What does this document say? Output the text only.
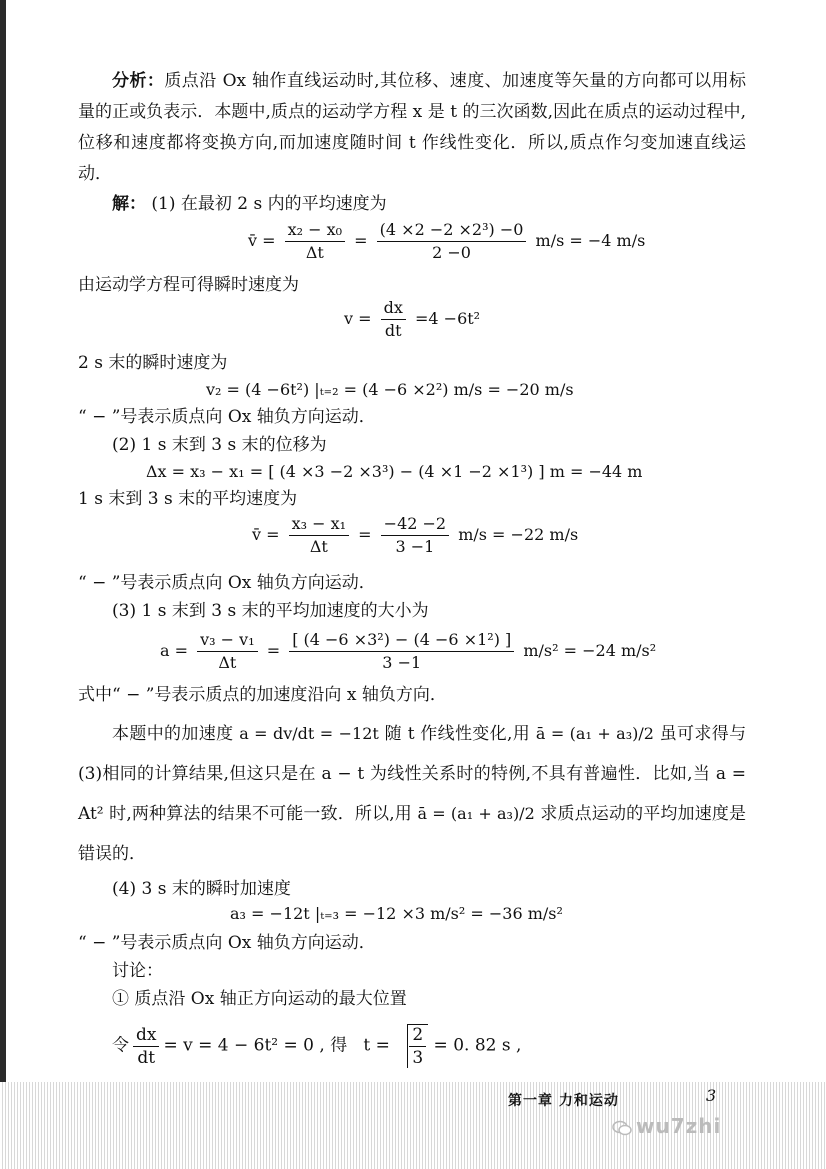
分析：质点沿 Ox 轴作直线运动时,其位移、速度、加速度等矢量的方向都可以用标量的正或负表示．本题中,质点的运动学方程 x 是 t 的三次函数,因此在质点的运动过程中,位移和速度都将变换方向,而加速度随时间 t 作线性变化．所以,质点作匀变加速直线运动．
解： (1) 在最初 2 s 内的平均速度为
v̄ = $\frac{\text{x₂ − x₀}}{\Delta t} = \frac{\text{(4 ×2 −2 ×2³) −0}}{2 -0} m/s = -4$ m/s
由运动学方程可得瞬时速度为
$v = \frac{dx}{dt} =4 -6t^2$
2 s 末的瞬时速度为
v₂ = (4 −6t²) |ₜ₌₂ = (4 −6 ×2²) m/s = −20 m/s
“ − ”号表示质点向 Ox 轴负方向运动．
(2) 1 s 末到 3 s 末的位移为
Δx = x₃ − x₁ = [ (4 ×3 −2 ×3³) − (4 ×1 −2 ×1³) ] m = −44 m
1 s 末到 3 s 末的平均速度为
v̄ = $\frac{\text{x₃ − x₁}}{\Delta t} = \frac{-42 -2}{3 -1} m/s = -22$ m/s
“ − ”号表示质点向 Ox 轴负方向运动．
(3) 1 s 末到 3 s 末的平均加速度的大小为
$a = \frac{\text{v₃ − v₁}}{\Delta t} = \frac{\text{[ (4 −6 ×3²) − (4 −6 ×1²) ]}}{3 -1} m/s^2 = -24$ m/s²
式中“ − ”号表示质点的加速度沿向 x 轴负方向．
本题中的加速度 a = dv/dt = −12t 随 t 作线性变化,用 ā = (a₁ + a₃)/2 虽可求得与(3)相同的计算结果,但这只是在 a − t 为线性关系时的特例,不具有普遍性．比如,当 a = At² 时,两种算法的结果不可能一致．所以,用 ā = (a₁ + a₃)/2 求质点运动的平均加速度是错误的．
(4) 3 s 末的瞬时加速度
a₃ = −12t |ₜ₌₃ = −12 ×3 m/s² = −36 m/s²
“ − ”号表示质点向 Ox 轴负方向运动．
讨论：
① 质点沿 Ox 轴正方向运动的最大位置
令 $\frac{dx}{dt} = v = 4 - 6t^2 = 0$ , 得 $t = \frac{2}{3} = 0$. 82 s ,
第一章 力和运动	3
wu7zhi
